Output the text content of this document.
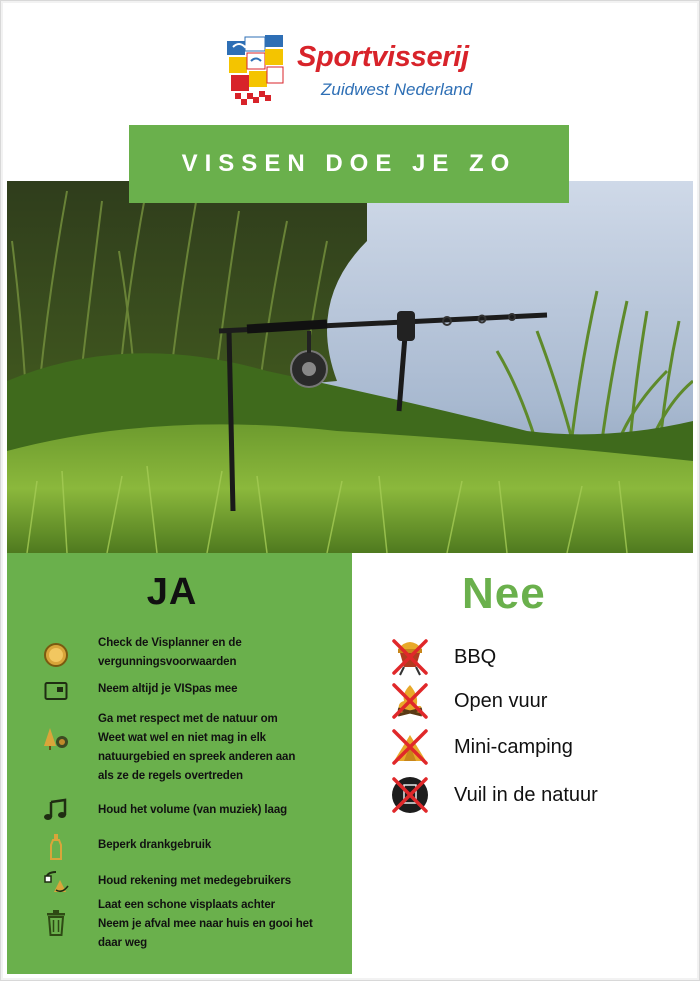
Sportvisserij
Zuidwest Nederland
VISSEN DOE JE ZO
JA
Check de Visplanner en de
vergunningsvoorwaarden
Neem altijd je VISpas mee
Ga met respect met de natuur om
Weet wat wel en niet mag in elk
natuurgebied en spreek anderen aan
als ze de regels overtreden
Houd het volume (van muziek) laag
Beperk drankgebruik
Houd rekening met medegebruikers
Laat een schone visplaats achter
Neem je afval mee naar huis en gooi het
daar weg
Nee
BBQ
Open vuur
Mini-camping
Vuil in de natuur
